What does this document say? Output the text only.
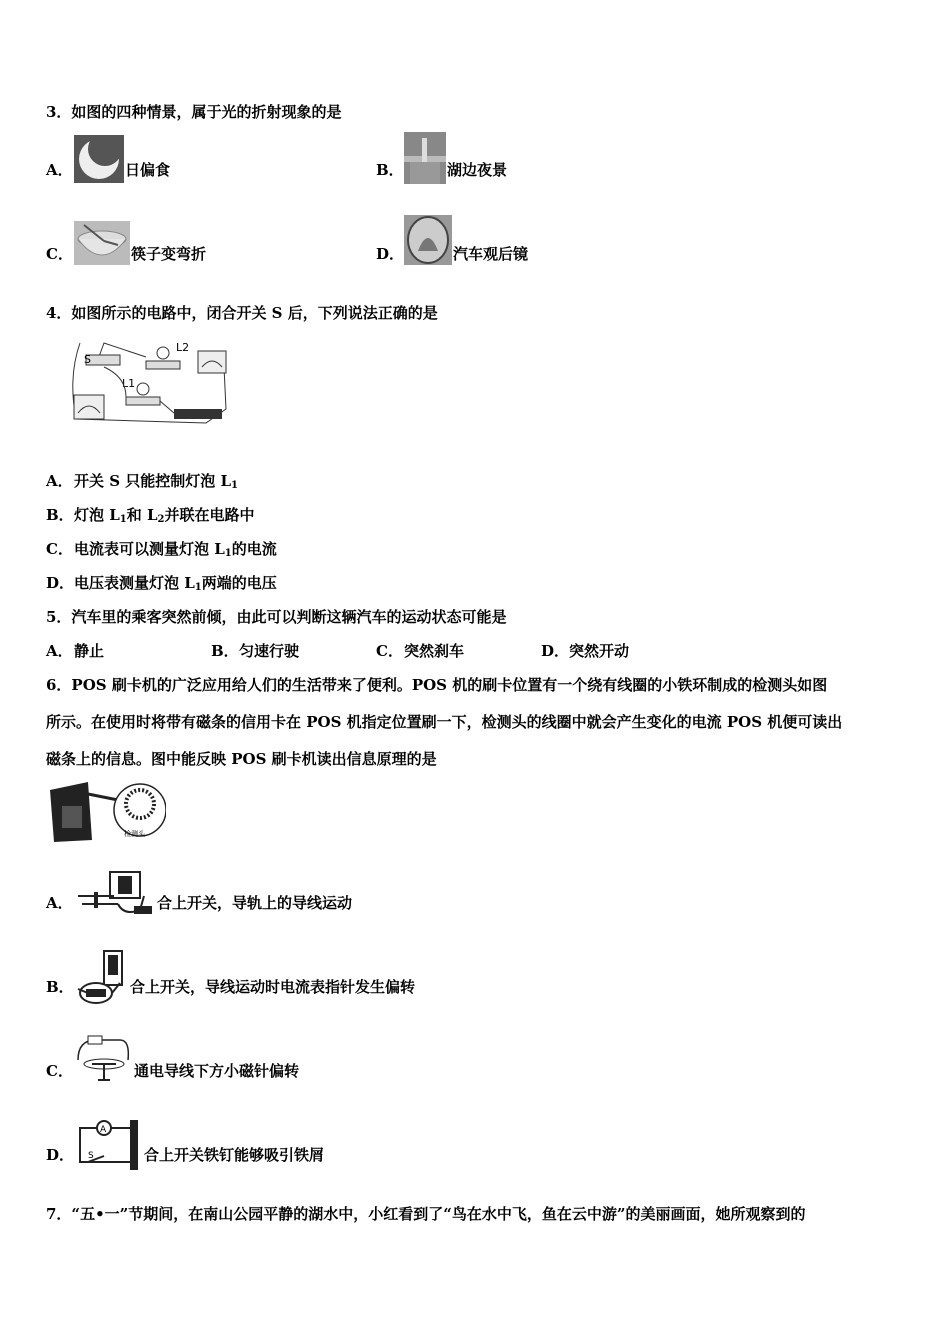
3．如图的四种情景，属于光的折射现象的是
A．	日偏食	B．	湖边夜景
C．	筷子变弯折	D．	汽车观后镜
4．如图所示的电路中，闭合开关 S 后，下列说法正确的是
S
L2
L1
A． 开关 S 只能控制灯泡 $L_1$
B． 灯泡 $L_1$和 $L_2$并联在电路中
C． 电流表可以测量灯泡 $L_1$的电流
D． 电压表测量灯泡 $L_1$两端的电压
5．汽车里的乘客突然前倾，由此可以判断这辆汽车的运动状态可能是
A． 静止	B． 匀速行驶	C． 突然刹车	D． 突然开动
6．POS 刷卡机的广泛应用给人们的生活带来了便利。POS 机的刷卡位置有一个绕有线圈的小铁环制成的检测头如图
所示。在使用时将带有磁条的信用卡在 POS 机指定位置刷一下，检测头的线圈中就会产生变化的电流 POS 机便可读出
磁条上的信息。图中能反映 POS 刷卡机读出信息原理的是
检测头
A．	合上开关，导轨上的导线运动
B．	合上开关，导线运动时电流表指针发生偏转
C．	通电导线下方小磁针偏转
D．
A
S	合上开关铁钉能够吸引铁屑
7．“五•一”节期间，在南山公园平静的湖水中，小红看到了“鸟在水中飞，鱼在云中游”的美丽画面，她所观察到的
